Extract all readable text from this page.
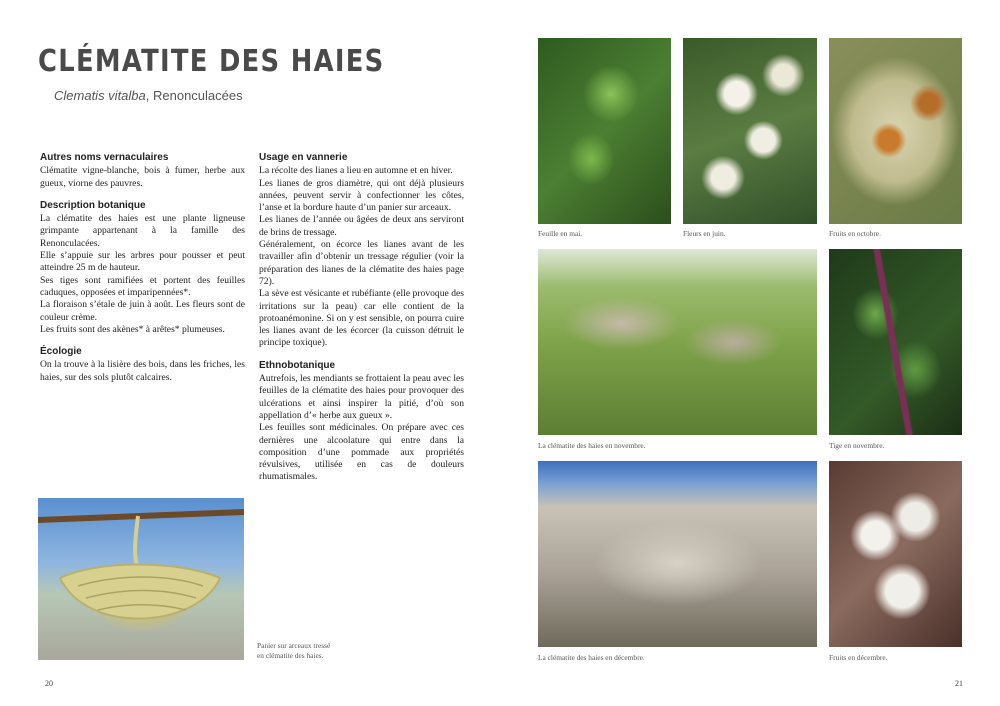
CLÉMATITE DES HAIES
Clematis vitalba, Renonculacées
Autres noms vernaculaires
Clématite vigne-blanche, bois à fumer, herbe aux gueux, viorne des pauvres.
Description botanique
La clématite des haies est une plante ligneuse grimpante appartenant à la famille des Renonculacées.
Elle s’appuie sur les arbres pour pousser et peut atteindre 25 m de hauteur.
Ses tiges sont ramifiées et portent des feuilles caduques, opposées et imparipennées*.
La floraison s’étale de juin à août. Les fleurs sont de couleur crème.
Les fruits sont des akènes* à arêtes* plumeuses.
Écologie
On la trouve à la lisière des bois, dans les friches, les haies, sur des sols plutôt calcaires.
Usage en vannerie
La récolte des lianes a lieu en automne et en hiver.
Les lianes de gros diamètre, qui ont déjà plusieurs années, peuvent servir à confectionner les côtes, l’anse et la bordure haute d’un panier sur arceaux.
Les lianes de l’année ou âgées de deux ans serviront de brins de tressage.
Généralement, on écorce les lianes avant de les travailler afin d’obtenir un tressage régulier (voir la préparation des lianes de la clématite des haies page 72).
La sève est vésicante et rubéfiante (elle provoque des irritations sur la peau) car elle contient de la protoanémonine. Si on y est sensible, on pourra cuire les lianes avant de les écorcer (la cuisson détruit le principe toxique).
Ethnobotanique
Autrefois, les mendiants se frottaient la peau avec les feuilles de la clématite des haies pour provoquer des ulcérations et ainsi inspirer la pitié, d’où son appellation d’« herbe aux gueux ».
Les feuilles sont médicinales. On prépare avec ces dernières une alcoolature qui entre dans la composition d’une pommade aux propriétés révulsives, utilisée en cas de douleurs rhumatismales.
Panier sur arceaux tressé
en clématite des haies.
20
Feuille en mai.	Fleurs en juin.	Fruits en octobre.
La clématite des haies en novembre.	Tige en novembre.
La clématite des haies en décembre.	Fruits en décembre.
21
